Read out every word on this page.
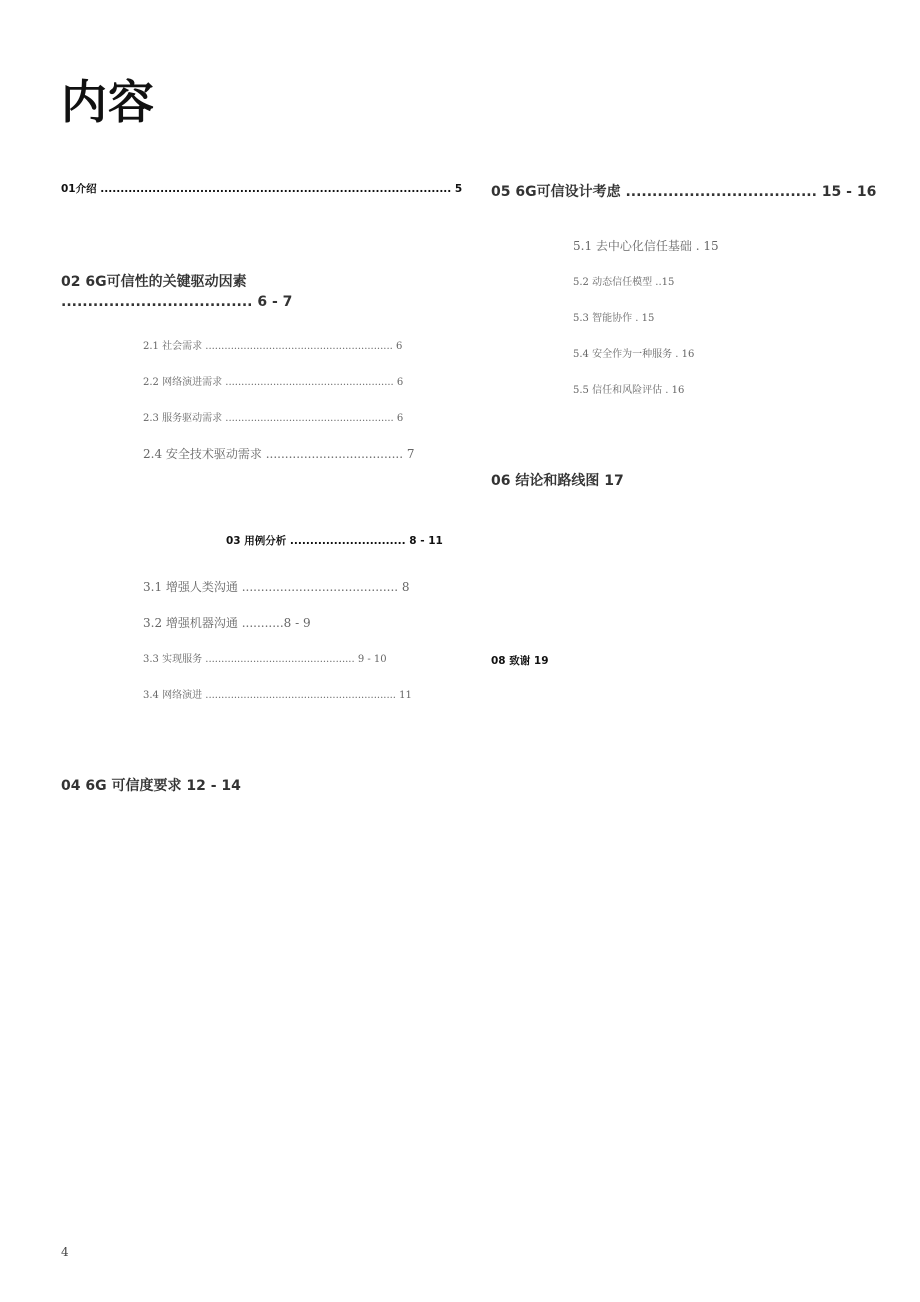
内容
01介绍 ........................................................................................ 5
02 6G可信性的关键驱动因素 .................................... 6 - 7
2.1 社会需求 ........................................................... 6
2.2 网络演进需求 ..................................................... 6
2.3 服务驱动需求 ..................................................... 6
2.4 安全技术驱动需求 .................................... 7
03 用例分析 ............................. 8 - 11
3.1 增强人类沟通 ......................................... 8
3.2 增强机器沟通 ...........8 - 9
3.3 实现服务 ............................................... 9 - 10
3.4 网络演进 ............................................................ 11
04 6G 可信度要求 12 - 14
05 6G可信设计考虑 .................................... 15 - 16
5.1 去中心化信任基础 . 15
5.2 动态信任模型 ..15
5.3 智能协作 . 15
5.4 安全作为一种服务 . 16
5.5 信任和风险评估 . 16
06 结论和路线图 17
08 致谢 19
4
